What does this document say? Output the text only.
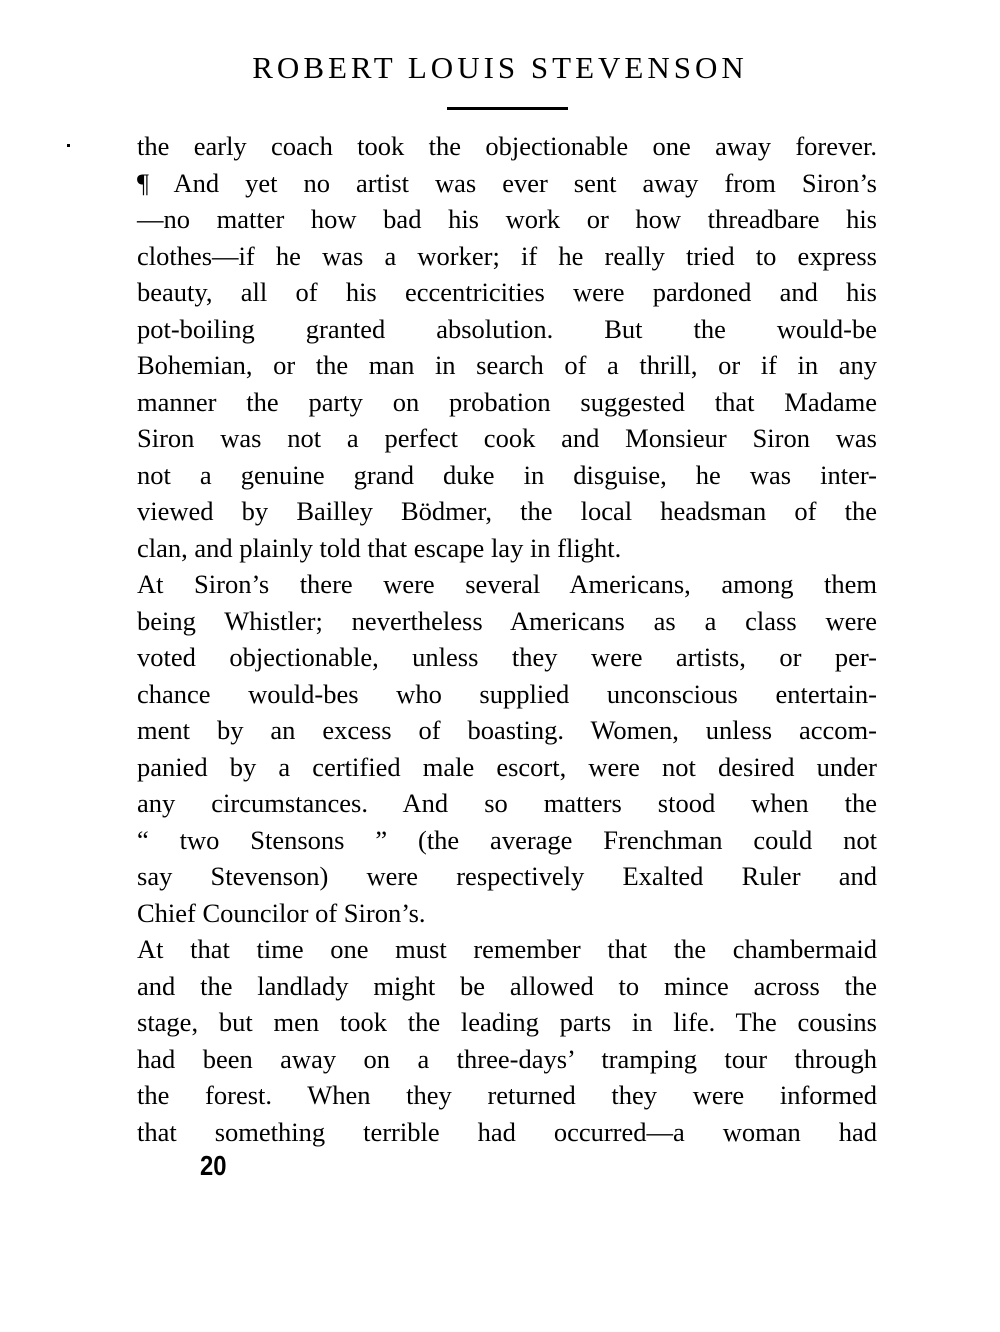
ROBERT LOUIS STEVENSON
the early coach took the objectionable one away forever.
¶ And yet no artist was ever sent away from Siron’s
—no matter how bad his work or how threadbare his
clothes—if he was a worker; if he really tried to express
beauty, all of his eccentricities were pardoned and his
pot-boiling granted absolution. But the would-be
Bohemian, or the man in search of a thrill, or if in any
manner the party on probation suggested that Madame
Siron was not a perfect cook and Monsieur Siron was
not a genuine grand duke in disguise, he was inter-
viewed by Bailley Bödmer, the local headsman of the
clan, and plainly told that escape lay in flight.
At Siron’s there were several Americans, among them
being Whistler; nevertheless Americans as a class were
voted objectionable, unless they were artists, or per-
chance would-bes who supplied unconscious entertain-
ment by an excess of boasting. Women, unless accom-
panied by a certified male escort, were not desired under
any circumstances. And so matters stood when the
“ two Stensons ” (the average Frenchman could not
say Stevenson) were respectively Exalted Ruler and
Chief Councilor of Siron’s.
At that time one must remember that the chambermaid
and the landlady might be allowed to mince across the
stage, but men took the leading parts in life. The cousins
had been away on a three-days’ tramping tour through
the forest. When they returned they were informed
that something terrible had occurred—a woman had
20
